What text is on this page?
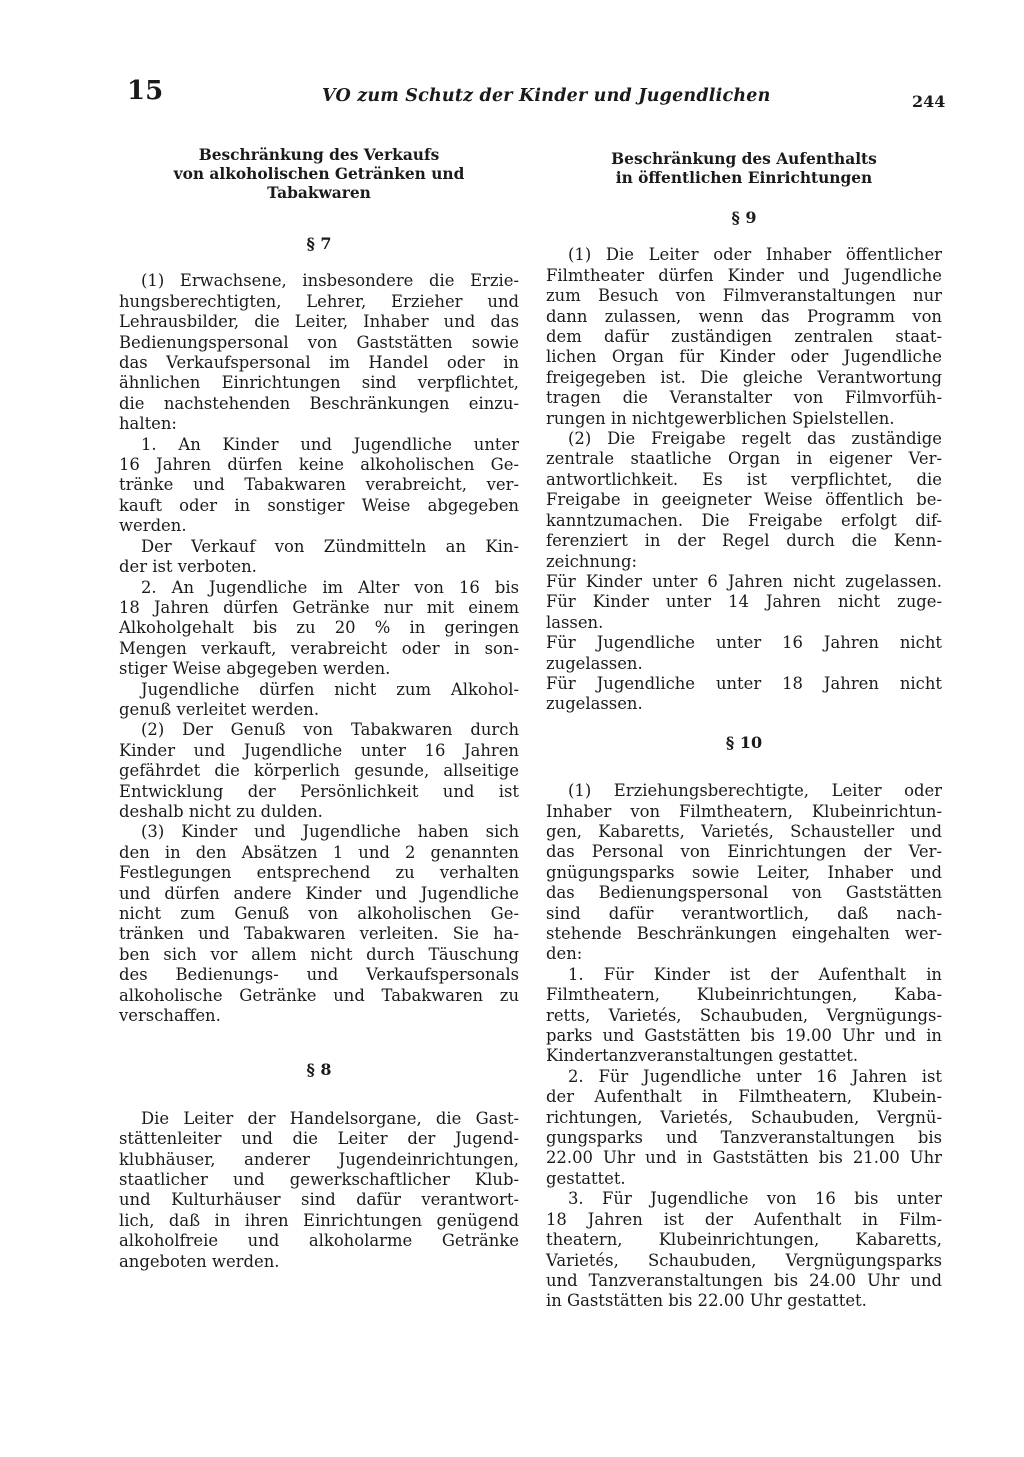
15	VO zum Schutz der Kinder und Jugendlichen	244
Beschränkung des Verkaufs
von alkoholischen Getränken und
Tabakwaren
§ 7
(1) Erwachsene, insbesondere die Erzie-
hungsberechtigten, Lehrer, Erzieher und
Lehrausbilder, die Leiter, Inhaber und das
Bedienungspersonal von Gaststätten sowie
das Verkaufspersonal im Handel oder in
ähnlichen Einrichtungen sind verpflichtet,
die nachstehenden Beschränkungen einzu-
halten:
1. An Kinder und Jugendliche unter
16 Jahren dürfen keine alkoholischen Ge-
tränke und Tabakwaren verabreicht, ver-
kauft oder in sonstiger Weise abgegeben
werden.
Der Verkauf von Zündmitteln an Kin-
der ist verboten.
2. An Jugendliche im Alter von 16 bis
18 Jahren dürfen Getränke nur mit einem
Alkoholgehalt bis zu 20 % in geringen
Mengen verkauft, verabreicht oder in son-
stiger Weise abgegeben werden.
Jugendliche dürfen nicht zum Alkohol-
genuß verleitet werden.
(2) Der Genuß von Tabakwaren durch
Kinder und Jugendliche unter 16 Jahren
gefährdet die körperlich gesunde, allseitige
Entwicklung der Persönlichkeit und ist
deshalb nicht zu dulden.
(3) Kinder und Jugendliche haben sich
den in den Absätzen 1 und 2 genannten
Festlegungen entsprechend zu verhalten
und dürfen andere Kinder und Jugendliche
nicht zum Genuß von alkoholischen Ge-
tränken und Tabakwaren verleiten. Sie ha-
ben sich vor allem nicht durch Täuschung
des Bedienungs- und Verkaufspersonals
alkoholische Getränke und Tabakwaren zu
verschaffen.
§ 8
Die Leiter der Handelsorgane, die Gast-
stättenleiter und die Leiter der Jugend-
klubhäuser, anderer Jugendeinrichtungen,
staatlicher und gewerkschaftlicher Klub-
und Kulturhäuser sind dafür verantwort-
lich, daß in ihren Einrichtungen genügend
alkoholfreie und alkoholarme Getränke
angeboten werden.
Beschränkung des Aufenthalts
in öffentlichen Einrichtungen
§ 9
(1) Die Leiter oder Inhaber öffentlicher
Filmtheater dürfen Kinder und Jugendliche
zum Besuch von Filmveranstaltungen nur
dann zulassen, wenn das Programm von
dem dafür zuständigen zentralen staat-
lichen Organ für Kinder oder Jugendliche
freigegeben ist. Die gleiche Verantwortung
tragen die Veranstalter von Filmvorfüh-
rungen in nichtgewerblichen Spielstellen.
(2) Die Freigabe regelt das zuständige
zentrale staatliche Organ in eigener Ver-
antwortlichkeit. Es ist verpflichtet, die
Freigabe in geeigneter Weise öffentlich be-
kanntzumachen. Die Freigabe erfolgt dif-
ferenziert in der Regel durch die Kenn-
zeichnung:
Für Kinder unter 6 Jahren nicht zugelassen.
Für Kinder unter 14 Jahren nicht zuge-
lassen.
Für Jugendliche unter 16 Jahren nicht
zugelassen.
Für Jugendliche unter 18 Jahren nicht
zugelassen.
§ 10
(1) Erziehungsberechtigte, Leiter oder
Inhaber von Filmtheatern, Klubeinrichtun-
gen, Kabaretts, Varietés, Schausteller und
das Personal von Einrichtungen der Ver-
gnügungsparks sowie Leiter, Inhaber und
das Bedienungspersonal von Gaststätten
sind dafür verantwortlich, daß nach-
stehende Beschränkungen eingehalten wer-
den:
1. Für Kinder ist der Aufenthalt in
Filmtheatern, Klubeinrichtungen, Kaba-
retts, Varietés, Schaubuden, Vergnügungs-
parks und Gaststätten bis 19.00 Uhr und in
Kindertanzveranstaltungen gestattet.
2. Für Jugendliche unter 16 Jahren ist
der Aufenthalt in Filmtheatern, Klubein-
richtungen, Varietés, Schaubuden, Vergnü-
gungsparks und Tanzveranstaltungen bis
22.00 Uhr und in Gaststätten bis 21.00 Uhr
gestattet.
3. Für Jugendliche von 16 bis unter
18 Jahren ist der Aufenthalt in Film-
theatern, Klubeinrichtungen, Kabaretts,
Varietés, Schaubuden, Vergnügungsparks
und Tanzveranstaltungen bis 24.00 Uhr und
in Gaststätten bis 22.00 Uhr gestattet.
